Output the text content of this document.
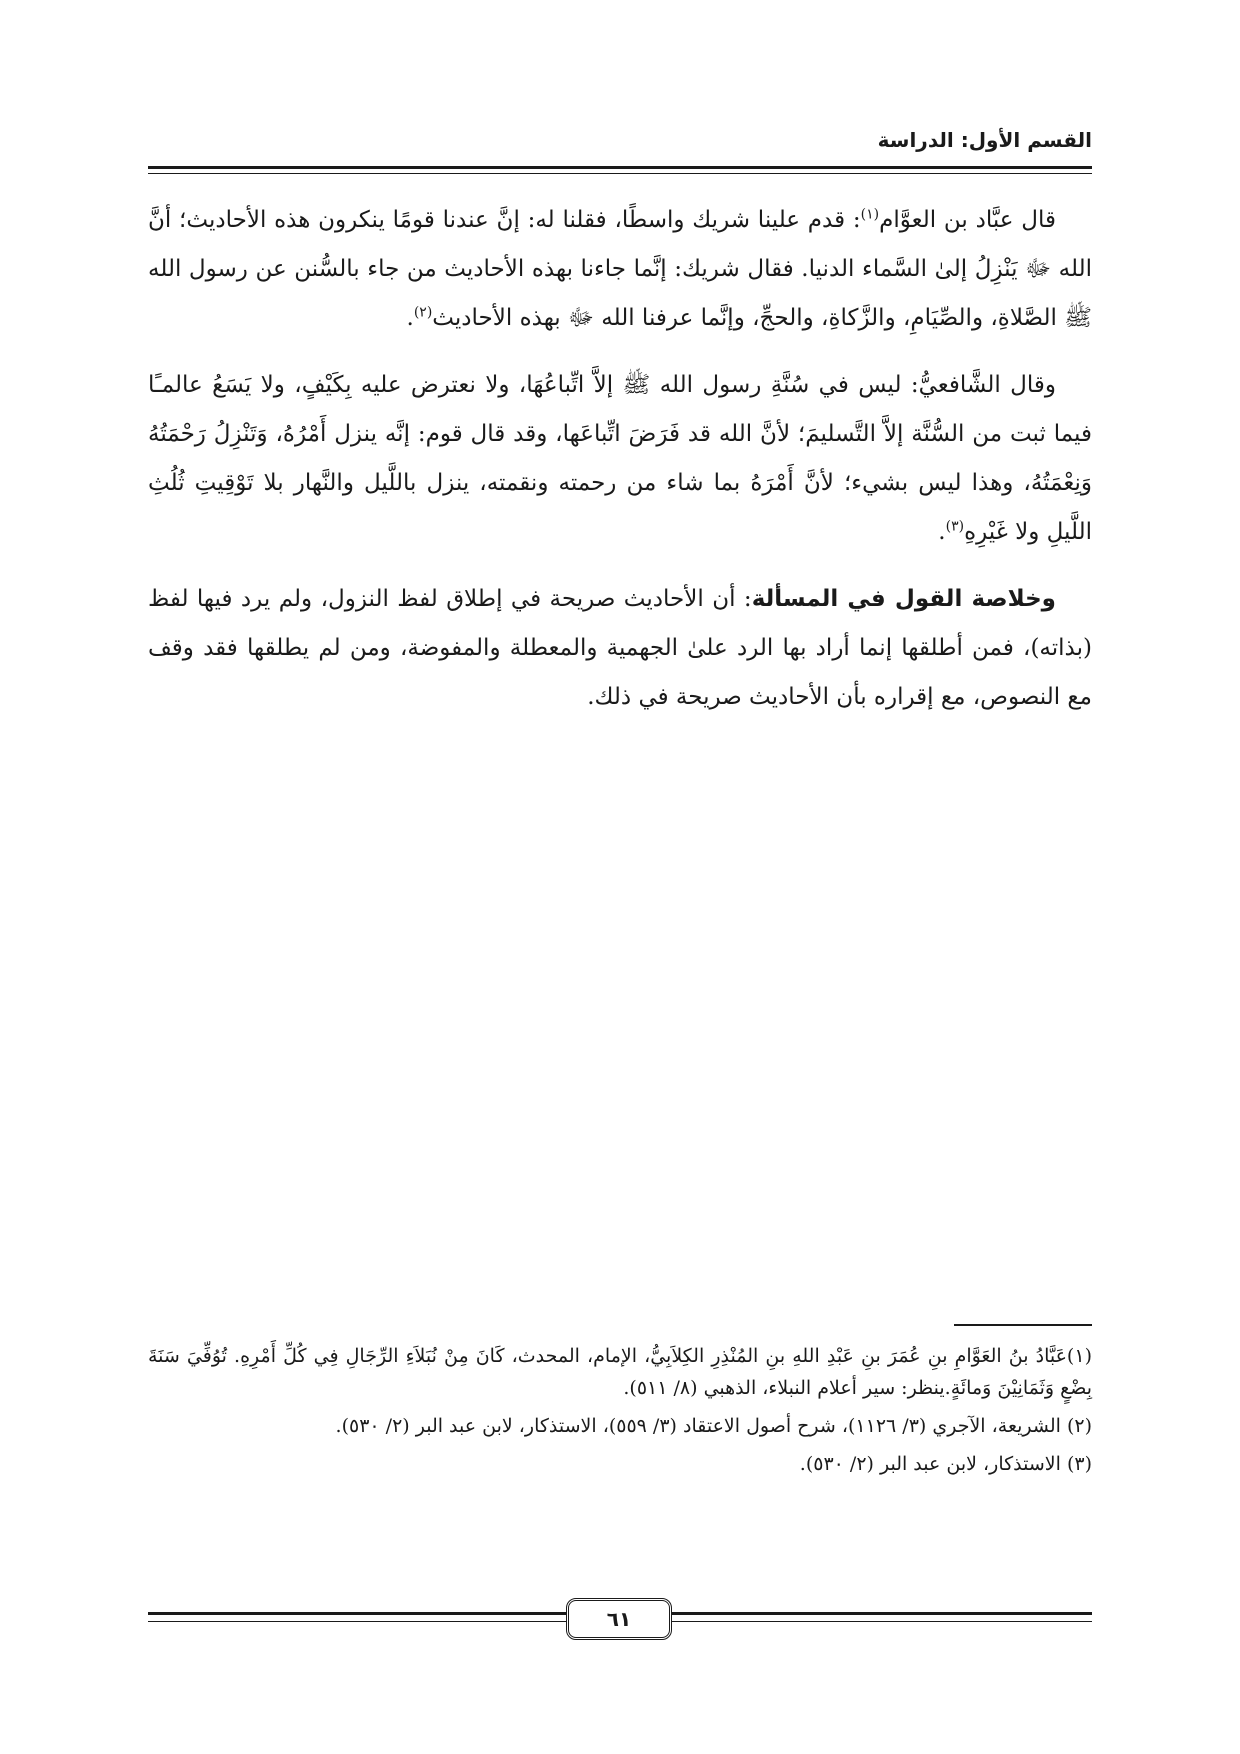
القسم الأول: الدراسة

قال عبَّاد بن العوَّام$^{(١)}$: قدم علينا شريك واسطًا، فقلنا له: إنَّ عندنا قومًا ينكرون هذه الأحاديث؛ أنَّ الله ﷻ يَنْزِلُ إلىٰ السَّماء الدنيا. فقال شريك: إنَّما جاءنا بهذه الأحاديث من جاء بالسُّنن عن رسول الله ﷺ الصَّلاةِ، والصِّيَامِ، والزَّكاةِ، والحجِّ، وإنَّما عرفنا الله ﷻ بهذه الأحاديث$^{(٢)}$.

وقال الشَّافعيُّ: ليس في سُنَّةِ رسول الله ﷺ إلاَّ اتِّباعُهَا، ولا نعترض عليه بِكَيْفٍ، ولا يَسَعُ عالمـًا فيما ثبت من السُّنَّة إلاَّ التَّسليمَ؛ لأنَّ الله قد فَرَضَ اتِّباعَها، وقد قال قوم: إنَّه ينزل أَمْرُهُ، وَتَنْزِلُ رَحْمَتُهُ وَنِعْمَتُهُ، وهذا ليس بشيء؛ لأنَّ أَمْرَهُ بما شاء من رحمته ونقمته، ينزل باللَّيل والنَّهار بلا تَوْقِيتِ ثُلُثِ اللَّيلِ ولا غَيْرِهِ$^{(٣)}$.

وخلاصة القول في المسألة: أن الأحاديث صريحة في إطلاق لفظ النزول، ولم يرد فيها لفظ (بذاته)، فمن أطلقها إنما أراد بها الرد علىٰ الجهمية والمعطلة والمفوضة، ومن لم يطلقها فقد وقف مع النصوص، مع إقراره بأن الأحاديث صريحة في ذلك.

(١)عَبَّادُ بنُ العَوَّامِ بنِ عُمَرَ بنِ عَبْدِ اللهِ بنِ المُنْذِرِ الكِلاَبِيُّ، الإمام، المحدث، كَانَ مِنْ نُبَلاَءِ الرِّجَالِ فِي كُلِّ أَمْرِهِ. تُوُفِّيَ سَنَةَ بِضْعٍ وَثَمَانِيْنَ وَمائَةٍ.ينظر: سير أعلام النبلاء، الذهبي (٨/ ٥١١).
(٢) الشريعة، الآجري (٣/ ١١٢٦)، شرح أصول الاعتقاد (٣/ ٥٥٩)، الاستذكار، لابن عبد البر (٢/ ٥٣٠).
(٣) الاستذكار، لابن عبد البر (٢/ ٥٣٠).
٦١
